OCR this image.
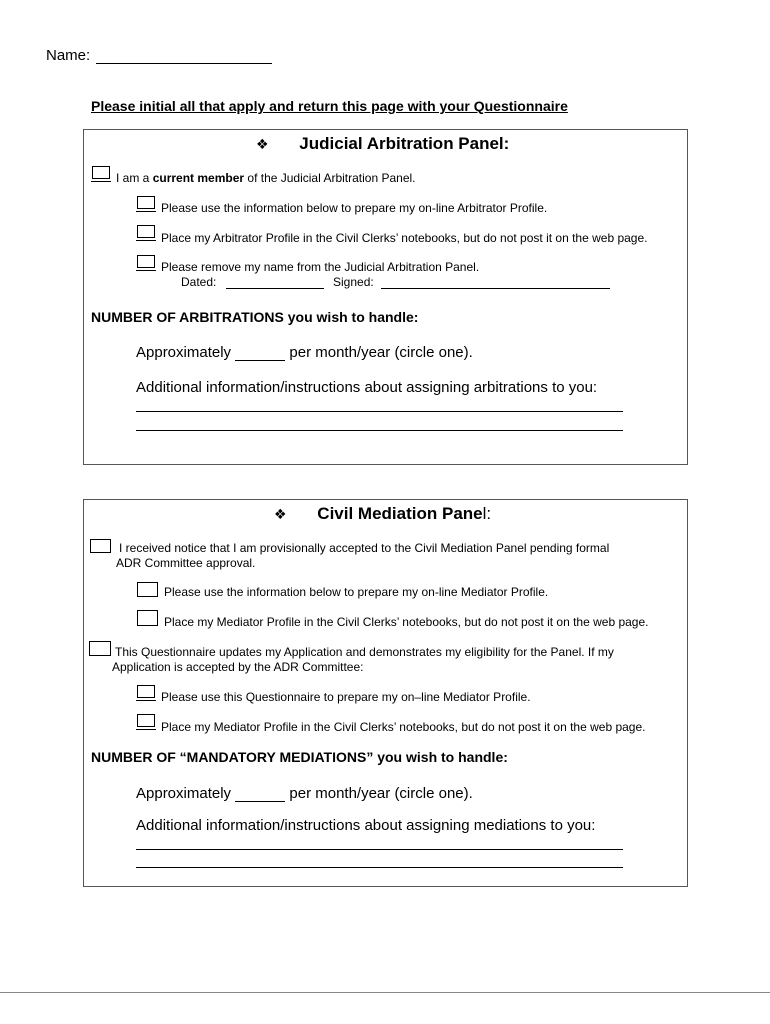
Name:
Please initial all that apply and return this page with your Questionnaire
❖ Judicial Arbitration Panel:
I am a current member of the Judicial Arbitration Panel.
Please use the information below to prepare my on-line Arbitrator Profile.
Place my Arbitrator Profile in the Civil Clerks’ notebooks, but do not post it on the web page.
Please remove my name from the Judicial Arbitration Panel.
Dated:	Signed:
NUMBER OF ARBITRATIONS you wish to handle:
Approximately	per month/year (circle one).
Additional information/instructions about assigning arbitrations to you:
❖ Civil Mediation Panel:
I received notice that I am provisionally accepted to the Civil Mediation Panel pending formal
ADR Committee approval.
Please use the information below to prepare my on-line Mediator Profile.
Place my Mediator Profile in the Civil Clerks’ notebooks, but do not post it on the web page.
This Questionnaire updates my Application and demonstrates my eligibility for the Panel. If my
Application is accepted by the ADR Committee:
Please use this Questionnaire to prepare my on–line Mediator Profile.
Place my Mediator Profile in the Civil Clerks’ notebooks, but do not post it on the web page.
NUMBER OF “MANDATORY MEDIATIONS” you wish to handle:
Approximately	per month/year (circle one).
Additional information/instructions about assigning mediations to you:
